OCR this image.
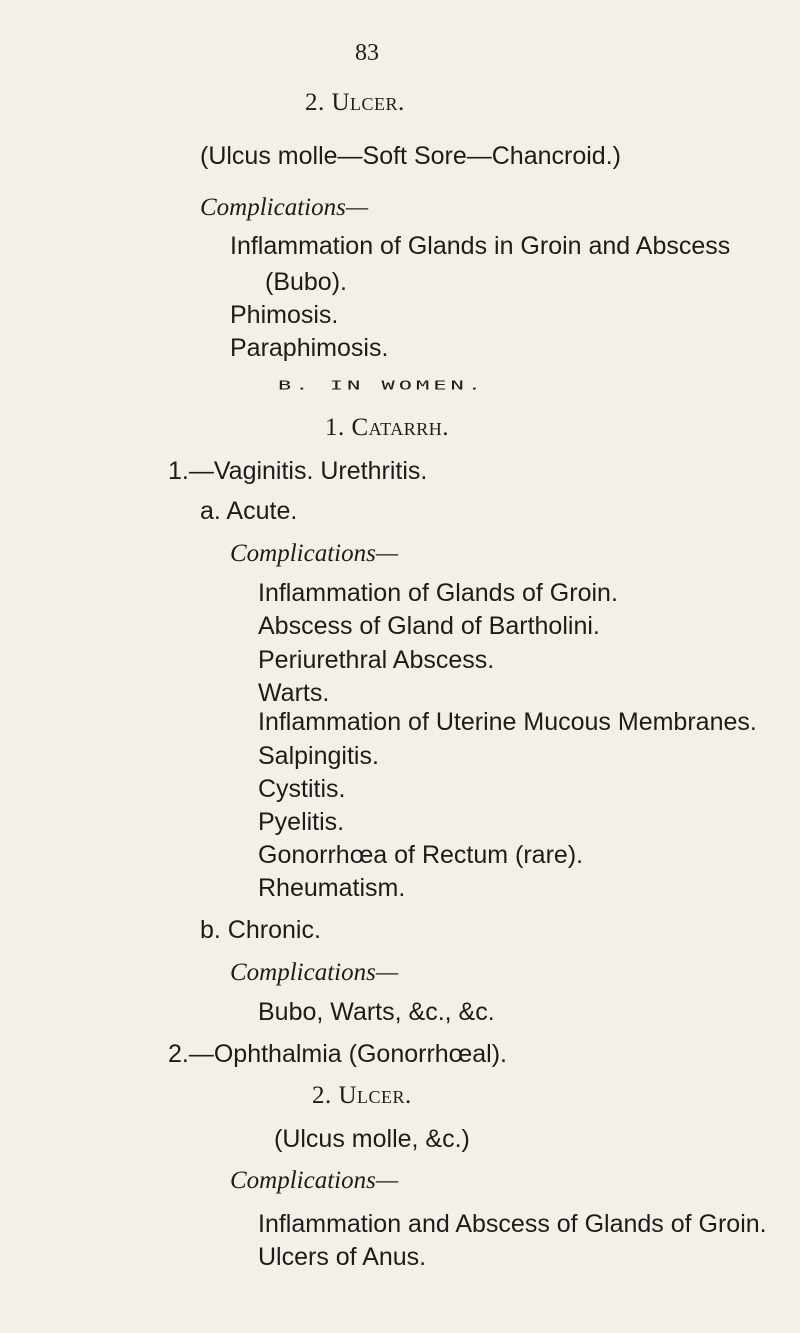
83
2. Ulcer.
(Ulcus molle—Soft Sore—Chancroid.)
Complications—
Inflammation of Glands in Groin and Abscess
(Bubo).
Phimosis.
Paraphimosis.
B. IN WOMEN.
1. Catarrh.
1.—Vaginitis. Urethritis.
a. Acute.
Complications—
Inflammation of Glands of Groin.
Abscess of Gland of Bartholini.
Periurethral Abscess.
Warts.
Inflammation of Uterine Mucous Membranes.
Salpingitis.
Cystitis.
Pyelitis.
Gonorrhœa of Rectum (rare).
Rheumatism.
b. Chronic.
Complications—
Bubo, Warts, &c., &c.
2.—Ophthalmia (Gonorrhœal).
2. Ulcer.
(Ulcus molle, &c.)
Complications—
Inflammation and Abscess of Glands of Groin.
Ulcers of Anus.
